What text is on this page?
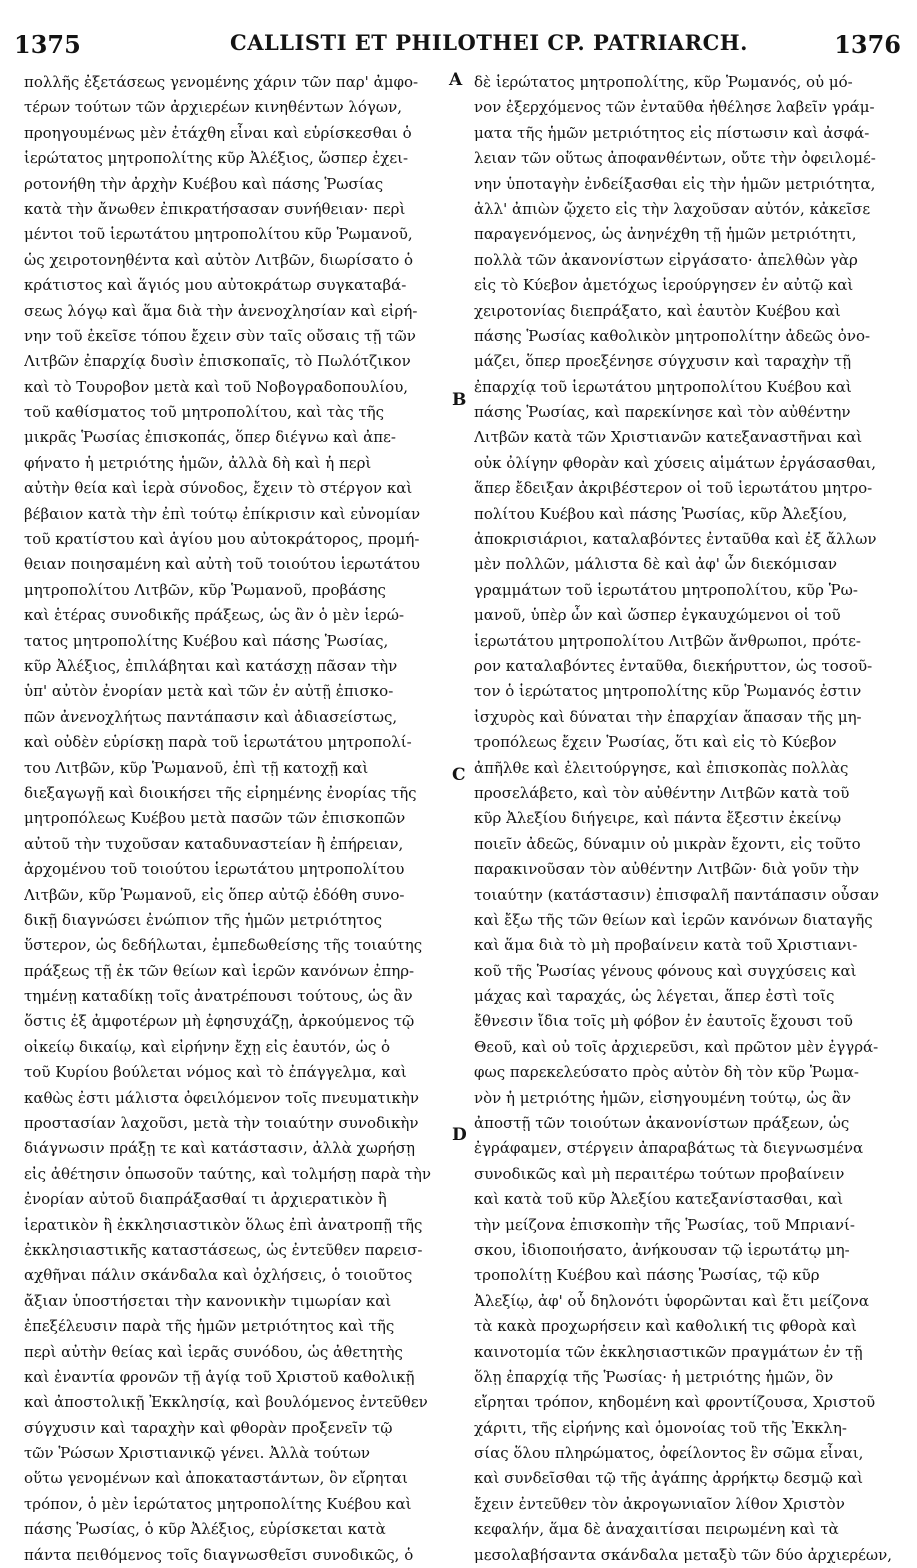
1375	CALLISTI ET PHILOTHEI CP. PATRIARCH.	1376
πολλῆς ἐξετάσεως γενομένης χάριν τῶν παρ' ἀμφο-
τέρων τούτων τῶν ἀρχιερέων κινηθέντων λόγων,
προηγουμένως μὲν ἐτάχθη εἶναι καὶ εὑρίσκεσθαι ὁ
ἱερώτατος μητροπολίτης κῦρ Ἀλέξιος, ὥσπερ ἐχει-
ροτονήθη τὴν ἀρχὴν Κυέβου καὶ πάσης Ῥωσίας
κατὰ τὴν ἄνωθεν ἐπικρατήσασαν συνήθειαν· περὶ
μέντοι τοῦ ἱερωτάτου μητροπολίτου κῦρ Ῥωμανοῦ,
ὡς χειροτονηθέντα καὶ αὐτὸν Λιτβῶν, διωρίσατο ὁ
κράτιστος καὶ ἅγιός μου αὐτοκράτωρ συγκαταβά-
σεως λόγῳ καὶ ἅμα διὰ τὴν ἀνενοχλησίαν καὶ εἰρή-
νην τοῦ ἐκεῖσε τόπου ἔχειν σὺν ταῖς οὔσαις τῇ τῶν
Λιτβῶν ἐπαρχίᾳ δυσὶν ἐπισκοπαῖς, τὸ Πωλότζικον
καὶ τὸ Τουροβον μετὰ καὶ τοῦ Νοβογραδοπουλίου,
τοῦ καθίσματος τοῦ μητροπολίτου, καὶ τὰς τῆς
μικρᾶς Ῥωσίας ἐπισκοπάς, ὅπερ διέγνω καὶ ἀπε-
φήνατο ἡ μετριότης ἡμῶν, ἀλλὰ δὴ καὶ ἡ περὶ
αὐτὴν θεία καὶ ἱερὰ σύνοδος, ἔχειν τὸ στέργον καὶ
βέβαιον κατὰ τὴν ἐπὶ τούτῳ ἐπίκρισιν καὶ εὐνομίαν
τοῦ κρατίστου καὶ ἁγίου μου αὐτοκράτορος, προμή-
θειαν ποιησαμένη καὶ αὐτὴ τοῦ τοιούτου ἱερωτάτου
μητροπολίτου Λιτβῶν, κῦρ Ῥωμανοῦ, προβάσης
καὶ ἑτέρας συνοδικῆς πράξεως, ὡς ἂν ὁ μὲν ἱερώ-
τατος μητροπολίτης Κυέβου καὶ πάσης Ῥωσίας,
κῦρ Ἀλέξιος, ἐπιλάβηται καὶ κατάσχῃ πᾶσαν τὴν
ὑπ' αὐτὸν ἐνορίαν μετὰ καὶ τῶν ἐν αὐτῇ ἐπισκο-
πῶν ἀνενοχλήτως παντάπασιν καὶ ἀδιασείστως,
καὶ οὐδὲν εὑρίσκῃ παρὰ τοῦ ἱερωτάτου μητροπολί-
του Λιτβῶν, κῦρ Ῥωμανοῦ, ἐπὶ τῇ κατοχῇ καὶ
διεξαγωγῇ καὶ διοικήσει τῆς εἰρημένης ἐνορίας τῆς
μητροπόλεως Κυέβου μετὰ πασῶν τῶν ἐπισκοπῶν
αὐτοῦ τὴν τυχοῦσαν καταδυναστείαν ἢ ἐπήρειαν,
ἀρχομένου τοῦ τοιούτου ἱερωτάτου μητροπολίτου
Λιτβῶν, κῦρ Ῥωμανοῦ, εἰς ὅπερ αὐτῷ ἐδόθη συνο-
δικῇ διαγνώσει ἐνώπιον τῆς ἡμῶν μετριότητος
ὕστερον, ὡς δεδήλωται, ἐμπεδωθείσης τῆς τοιαύτης
πράξεως τῇ ἐκ τῶν θείων καὶ ἱερῶν κανόνων ἐπηρ-
τημένῃ καταδίκῃ τοῖς ἀνατρέπουσι τούτους, ὡς ἂν
ὅστις ἐξ ἀμφοτέρων μὴ ἐφησυχάζῃ, ἀρκούμενος τῷ
οἰκείῳ δικαίῳ, καὶ εἰρήνην ἔχῃ εἰς ἑαυτόν, ὡς ὁ
τοῦ Κυρίου βούλεται νόμος καὶ τὸ ἐπάγγελμα, καὶ
καθὼς ἐστι μάλιστα ὀφειλόμενον τοῖς πνευματικὴν
προστασίαν λαχοῦσι, μετὰ τὴν τοιαύτην συνοδικὴν
διάγνωσιν πράξῃ τε καὶ κατάστασιν, ἀλλὰ χωρήσῃ
εἰς ἀθέτησιν ὁπωσοῦν ταύτης, καὶ τολμήσῃ παρὰ τὴν
ἐνορίαν αὐτοῦ διαπράξασθαί τι ἀρχιερατικὸν ἢ
ἱερατικὸν ἢ ἐκκλησιαστικὸν ὅλως ἐπὶ ἀνατροπῇ τῆς
ἐκκλησιαστικῆς καταστάσεως, ὡς ἐντεῦθεν παρεισ-
αχθῆναι πάλιν σκάνδαλα καὶ ὀχλήσεις, ὁ τοιοῦτος
ἄξιαν ὑποστήσεται τὴν κανονικὴν τιμωρίαν καὶ
ἐπεξέλευσιν παρὰ τῆς ἡμῶν μετριότητος καὶ τῆς
περὶ αὐτὴν θείας καὶ ἱερᾶς συνόδου, ὡς ἀθετητὴς
καὶ ἐναντία φρονῶν τῇ ἁγίᾳ τοῦ Χριστοῦ καθολικῇ
καὶ ἀποστολικῇ Ἐκκλησίᾳ, καὶ βουλόμενος ἐντεῦθεν
σύγχυσιν καὶ ταραχὴν καὶ φθορὰν προξενεῖν τῷ
τῶν Ῥώσων Χριστιανικῷ γένει. Ἀλλὰ τούτων
οὕτω γενομένων καὶ ἀποκαταστάντων, ὃν εἴρηται
τρόπον, ὁ μὲν ἱερώτατος μητροπολίτης Κυέβου καὶ
πάσης Ῥωσίας, ὁ κῦρ Ἀλέξιος, εὑρίσκεται κατὰ
πάντα πειθόμενος τοῖς διαγνωσθεῖσι συνοδικῶς, ὁ
δὲ ἱερώτατος μητροπολίτης, κῦρ Ῥωμανός, οὐ μό-
νον ἐξερχόμενος τῶν ἐνταῦθα ἠθέλησε λαβεῖν γράμ-
ματα τῆς ἡμῶν μετριότητος εἰς πίστωσιν καὶ ἀσφά-
λειαν τῶν οὕτως ἀποφανθέντων, οὔτε τὴν ὀφειλομέ-
νην ὑποταγὴν ἐνδείξασθαι εἰς τὴν ἡμῶν μετριότητα,
ἀλλ' ἀπιὼν ᾤχετο εἰς τὴν λαχοῦσαν αὐτόν, κἀκεῖσε
παραγενόμενος, ὡς ἀνηνέχθη τῇ ἡμῶν μετριότητι,
πολλὰ τῶν ἀκανονίστων εἰργάσατο· ἀπελθὼν γὰρ
εἰς τὸ Κύεβον ἀμετόχως ἱερούργησεν ἐν αὐτῷ καὶ
χειροτονίας διεπράξατο, καὶ ἑαυτὸν Κυέβου καὶ
πάσης Ῥωσίας καθολικὸν μητροπολίτην ἀδεῶς ὀνο-
μάζει, ὅπερ προεξένησε σύγχυσιν καὶ ταραχὴν τῇ
ἐπαρχίᾳ τοῦ ἱερωτάτου μητροπολίτου Κυέβου καὶ
πάσης Ῥωσίας, καὶ παρεκίνησε καὶ τὸν αὐθέντην
Λιτβῶν κατὰ τῶν Χριστιανῶν κατεξαναστῆναι καὶ
οὐκ ὀλίγην φθορὰν καὶ χύσεις αἱμάτων ἐργάσασθαι,
ἅπερ ἔδειξαν ἀκριβέστερον οἱ τοῦ ἱερωτάτου μητρο-
πολίτου Κυέβου καὶ πάσης Ῥωσίας, κῦρ Ἀλεξίου,
ἀποκρισιάριοι, καταλαβόντες ἐνταῦθα καὶ ἐξ ἄλλων
μὲν πολλῶν, μάλιστα δὲ καὶ ἀφ' ὧν διεκόμισαν
γραμμάτων τοῦ ἱερωτάτου μητροπολίτου, κῦρ Ῥω-
μανοῦ, ὑπὲρ ὧν καὶ ὥσπερ ἐγκαυχώμενοι οἱ τοῦ
ἱερωτάτου μητροπολίτου Λιτβῶν ἄνθρωποι, πρότε-
ρον καταλαβόντες ἐνταῦθα, διεκήρυττον, ὡς τοσοῦ-
τον ὁ ἱερώτατος μητροπολίτης κῦρ Ῥωμανός ἐστιν
ἰσχυρὸς καὶ δύναται τὴν ἐπαρχίαν ἅπασαν τῆς μη-
τροπόλεως ἔχειν Ῥωσίας, ὅτι καὶ εἰς τὸ Κύεβον
ἀπῆλθε καὶ ἐλειτούργησε, καὶ ἐπισκοπὰς πολλὰς
προσελάβετο, καὶ τὸν αὐθέντην Λιτβῶν κατὰ τοῦ
κῦρ Ἀλεξίου διήγειρε, καὶ πάντα ἔξεστιν ἐκείνῳ
ποιεῖν ἀδεῶς, δύναμιν οὐ μικρὰν ἔχοντι, εἰς τοῦτο
παρακινοῦσαν τὸν αὐθέντην Λιτβῶν· διὰ γοῦν τὴν
τοιαύτην (κατάστασιν) ἐπισφαλῆ παντάπασιν οὖσαν
καὶ ἔξω τῆς τῶν θείων καὶ ἱερῶν κανόνων διαταγῆς
καὶ ἅμα διὰ τὸ μὴ προβαίνειν κατὰ τοῦ Χριστιανι-
κοῦ τῆς Ῥωσίας γένους φόνους καὶ συγχύσεις καὶ
μάχας καὶ ταραχάς, ὡς λέγεται, ἅπερ ἐστὶ τοῖς
ἔθνεσιν ἴδια τοῖς μὴ φόβον ἐν ἑαυτοῖς ἔχουσι τοῦ
Θεοῦ, καὶ οὐ τοῖς ἀρχιερεῦσι, καὶ πρῶτον μὲν ἐγγρά-
φως παρεκελεύσατο πρὸς αὐτὸν δὴ τὸν κῦρ Ῥωμα-
νὸν ἡ μετριότης ἡμῶν, εἰσηγουμένη τούτῳ, ὡς ἂν
ἀποστῇ τῶν τοιούτων ἀκανονίστων πράξεων, ὡς
ἐγράφαμεν, στέργειν ἀπαραβάτως τὰ διεγνωσμένα
συνοδικῶς καὶ μὴ περαιτέρω τούτων προβαίνειν
καὶ κατὰ τοῦ κῦρ Ἀλεξίου κατεξανίστασθαι, καὶ
τὴν μείζονα ἐπισκοπὴν τῆς Ῥωσίας, τοῦ Μπριανί-
σκου, ἰδιοποιήσατο, ἀνήκουσαν τῷ ἱερωτάτῳ μη-
τροπολίτῃ Κυέβου καὶ πάσης Ῥωσίας, τῷ κῦρ
Ἀλεξίῳ, ἀφ' οὗ δηλονότι ὑφορῶνται καὶ ἔτι μείζονα
τὰ κακὰ προχωρήσειν καὶ καθολική τις φθορὰ καὶ
καινοτομία τῶν ἐκκλησιαστικῶν πραγμάτων ἐν τῇ
ὅλῃ ἐπαρχίᾳ τῆς Ῥωσίας· ἡ μετριότης ἡμῶν, ὃν
εἴρηται τρόπον, κηδομένη καὶ φροντίζουσα, Χριστοῦ
χάριτι, τῆς εἰρήνης καὶ ὁμονοίας τοῦ τῆς Ἐκκλη-
σίας ὅλου πληρώματος, ὀφείλοντος ἓν σῶμα εἶναι,
καὶ συνδεῖσθαι τῷ τῆς ἀγάπης ἀρρήκτῳ δεσμῷ καὶ
ἔχειν ἐντεῦθεν τὸν ἀκρογωνιαῖον λίθον Χριστὸν
κεφαλήν, ἅμα δὲ ἀναχαιτίσαι πειρωμένη καὶ τὰ
μεσολαβήσαντα σκάνδαλα μεταξὺ τῶν δύο ἀρχιερέων,
A
B
C
D
